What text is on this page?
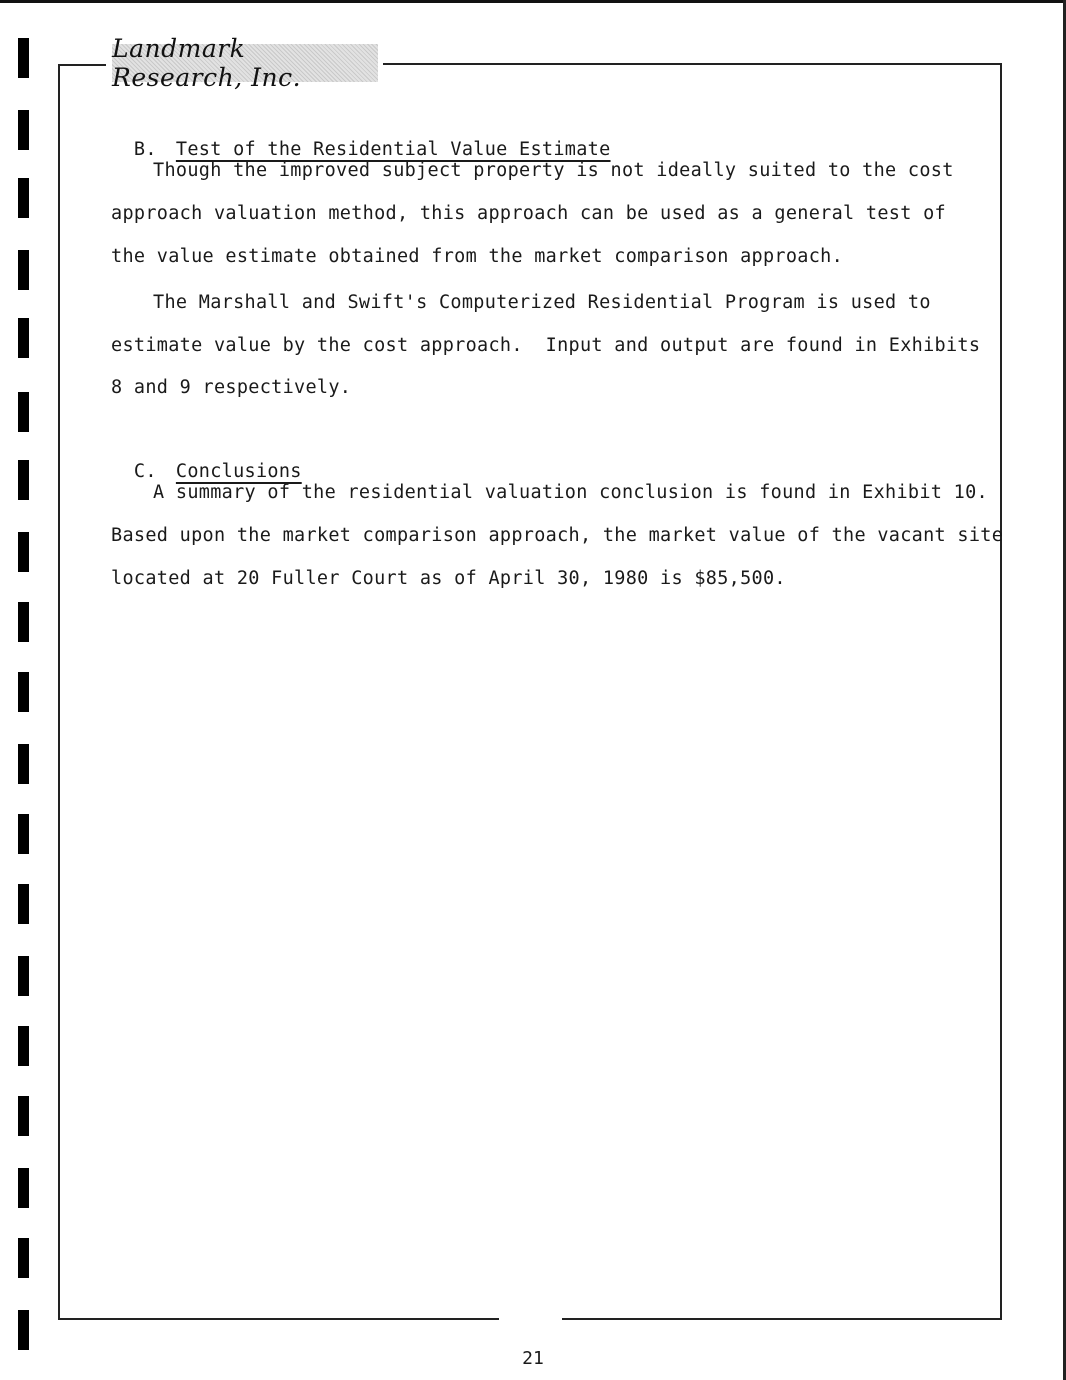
Landmark Research, Inc.

B. Test of the Residential Value Estimate

Though the improved subject property is not ideally suited to the cost
approach valuation method, this approach can be used as a general test of
the value estimate obtained from the market comparison approach.
The Marshall and Swift's Computerized Residential Program is used to
estimate value by the cost approach.  Input and output are found in Exhibits
8 and 9 respectively.

C. Conclusions

A summary of the residential valuation conclusion is found in Exhibit 10.
Based upon the market comparison approach, the market value of the vacant site
located at 20 Fuller Court as of April 30, 1980 is $85,500.
21
